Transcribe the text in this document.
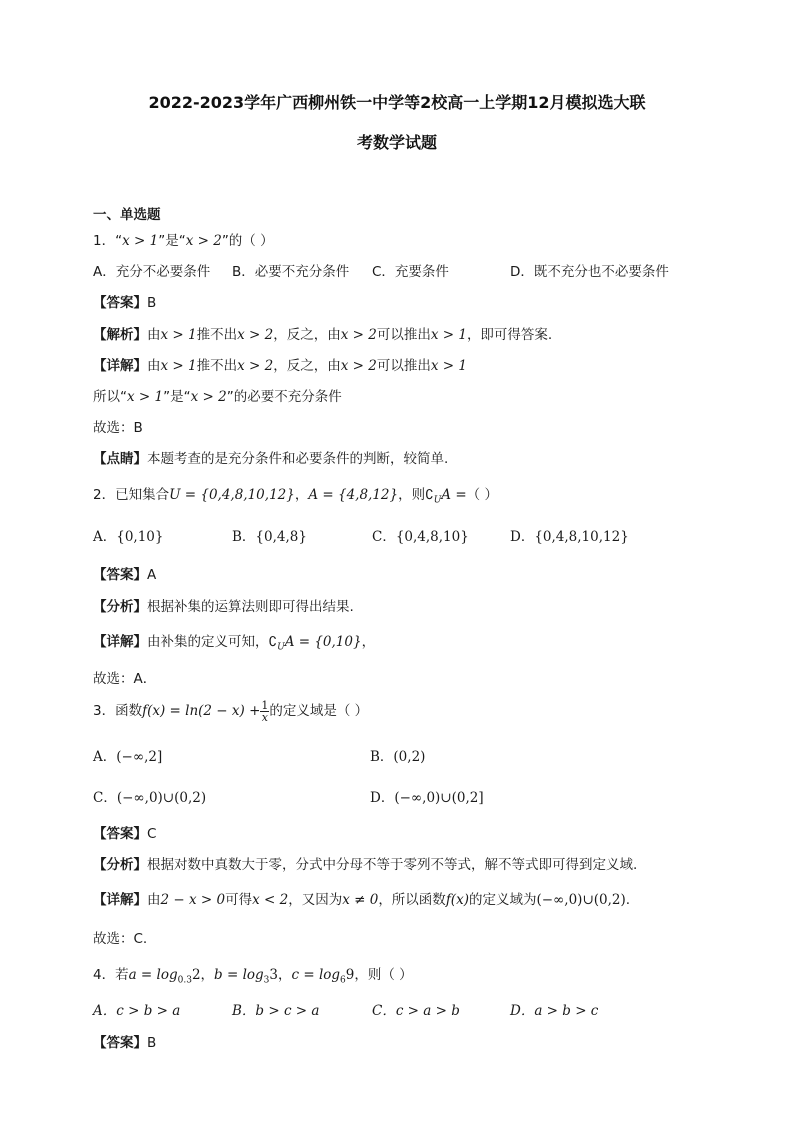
2022-2023学年广西柳州铁一中学等2校高一上学期12月模拟选大联
考数学试题
一、单选题
1．“x > 1”是“x > 2”的（ ）
A．充分不必要条件 B．必要不充分条件 C．充要条件	D．既不充分也不必要条件
【答案】B
【解析】由x > 1推不出x > 2，反之，由x > 2可以推出x > 1，即可得答案.
【详解】由x > 1推不出x > 2，反之，由x > 2可以推出x > 1
所以“x > 1”是“x > 2”的必要不充分条件
故选：B
【点睛】本题考查的是充分条件和必要条件的判断，较简单.
2．已知集合U = {0,4,8,10,12}，A = {4,8,12}，则$∁_UA$ =（ ）
A．{0,10}	B．{0,4,8}	C．{0,4,8,10}	D．{0,4,8,10,12}
【答案】A
【分析】根据补集的运算法则即可得出结果.
【详解】由补集的定义可知，$∁_UA = \{0,10\}$，
故选：A．
3．函数$f(x) = \ln(2 - x) + \frac{1}{x}$ 的定义域是（ ）
A．(−∞,2]	B．(0,2)
C．(−∞,0)∪(0,2)	D．(−∞,0)∪(0,2]
【答案】C
【分析】根据对数中真数大于零，分式中分母不等于零列不等式，解不等式即可得到定义域.
【详解】由2 − x > 0可得x < 2，又因为x ≠ 0，所以函数f(x)的定义域为(−∞,0)∪(0,2).
故选：C.
4．若$a = \log_{0.3}2$，$b = \log_33$，$c = \log_69$，则（ ）
A．c > b > a	B．b > c > a	C．c > a > b	D．a > b > c
【答案】B
